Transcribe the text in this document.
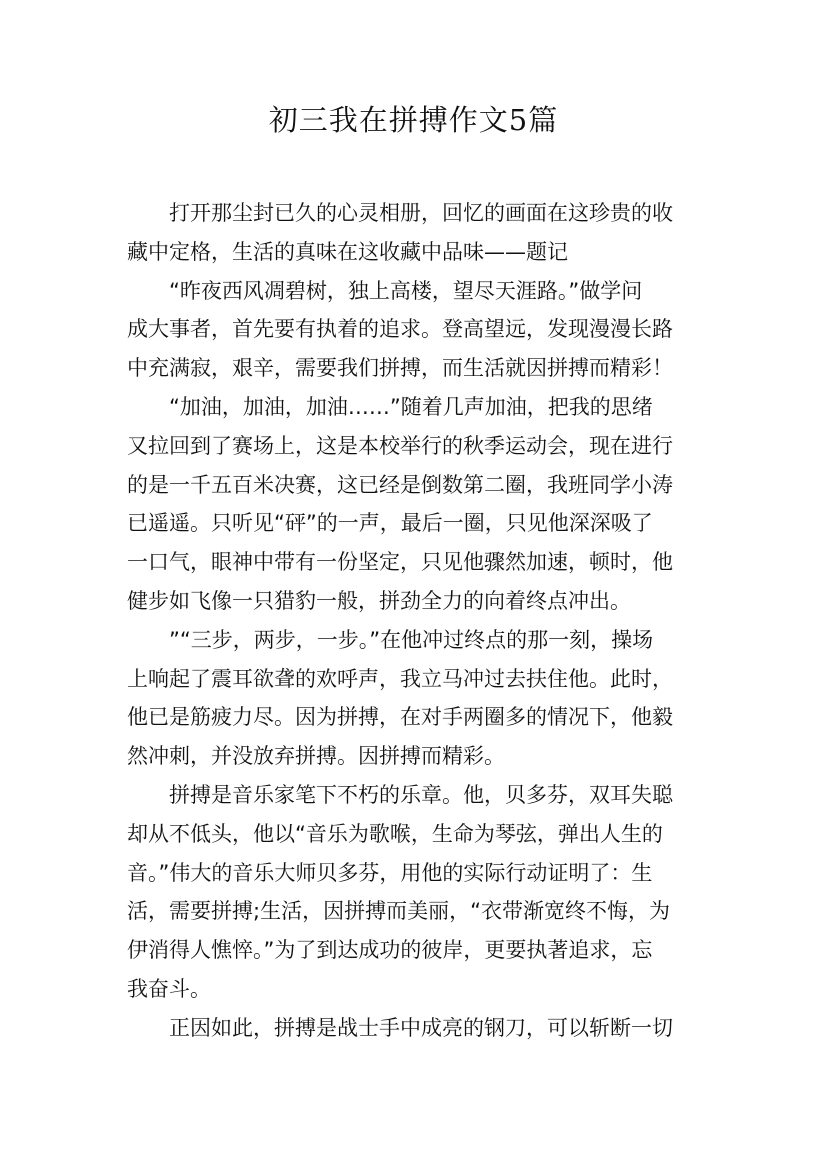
初三我在拼搏作文5篇
打开那尘封已久的心灵相册，回忆的画面在这珍贵的收
藏中定格，生活的真味在这收藏中品味——题记
“昨夜西风凋碧树，独上高楼，望尽天涯路。”做学问
成大事者，首先要有执着的追求。登高望远，发现漫漫长路
中充满寂，艰辛，需要我们拼搏，而生活就因拼搏而精彩！
“加油，加油，加油……”随着几声加油，把我的思绪
又拉回到了赛场上，这是本校举行的秋季运动会，现在进行
的是一千五百米决赛，这已经是倒数第二圈，我班同学小涛
已遥遥。只听见“砰”的一声，最后一圈，只见他深深吸了
一口气，眼神中带有一份坚定，只见他骤然加速，顿时，他
健步如飞像一只猎豹一般，拼劲全力的向着终点冲出。
”“三步，两步，一步。”在他冲过终点的那一刻，操场
上响起了震耳欲聋的欢呼声，我立马冲过去扶住他。此时，
他已是筋疲力尽。因为拼搏，在对手两圈多的情况下，他毅
然冲刺，并没放弃拼搏。因拼搏而精彩。
拼搏是音乐家笔下不朽的乐章。他，贝多芬，双耳失聪
却从不低头，他以“音乐为歌喉，生命为琴弦，弹出人生的
音。”伟大的音乐大师贝多芬，用他的实际行动证明了：生
活，需要拼搏;生活，因拼搏而美丽，“衣带渐宽终不悔，为
伊消得人憔悴。”为了到达成功的彼岸，更要执著追求，忘
我奋斗。
正因如此，拼搏是战士手中成亮的钢刀，可以斩断一切
